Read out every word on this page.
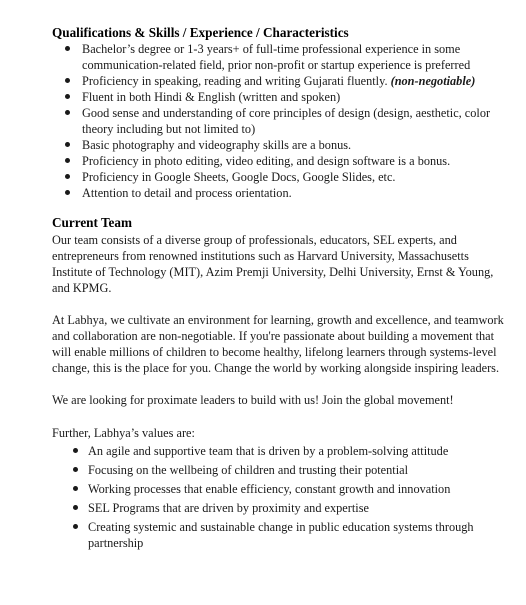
Qualifications & Skills / Experience / Characteristics
Bachelor’s degree or 1-3 years+ of full-time professional experience in some communication-related field, prior non-profit or startup experience is preferred
Proficiency in speaking, reading and writing Gujarati fluently. (non-negotiable)
Fluent in both Hindi & English (written and spoken)
Good sense and understanding of core principles of design (design, aesthetic, color theory including but not limited to)
Basic photography and videography skills are a bonus.
Proficiency in photo editing, video editing, and design software is a bonus.
Proficiency in Google Sheets, Google Docs, Google Slides, etc.
Attention to detail and process orientation.
Current Team

Our team consists of a diverse group of professionals, educators, SEL experts, and entrepreneurs from renowned institutions such as Harvard University, Massachusetts Institute of Technology (MIT), Azim Premji University, Delhi University, Ernst & Young, and KPMG.

At Labhya, we cultivate an environment for learning, growth and excellence, and teamwork and collaboration are non-negotiable. If you're passionate about building a movement that will enable millions of children to become healthy, lifelong learners through systems-level change, this is the place for you. Change the world by working alongside inspiring leaders.

We are looking for proximate leaders to build with us! Join the global movement!

Further, Labhya’s values are:

An agile and supportive team that is driven by a problem-solving attitude
Focusing on the wellbeing of children and trusting their potential
Working processes that enable efficiency, constant growth and innovation
SEL Programs that are driven by proximity and expertise
Creating systemic and sustainable change in public education systems through partnership
